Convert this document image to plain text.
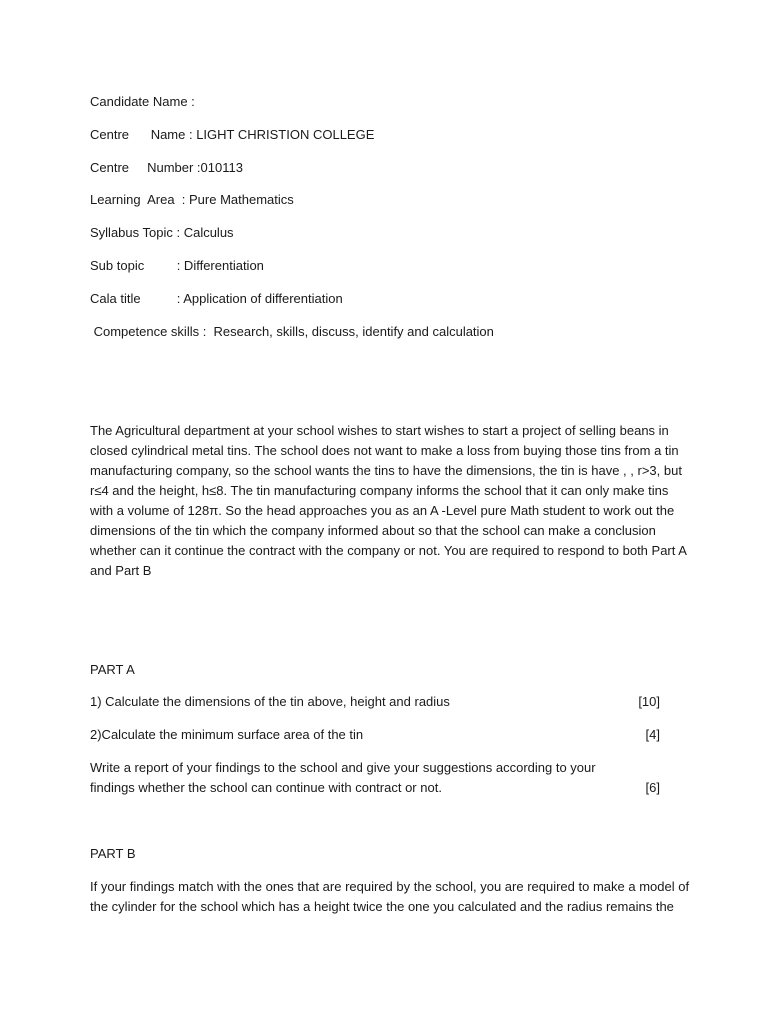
Candidate Name :
Centre      Name : LIGHT CHRISTION COLLEGE
Centre     Number :010113
Learning  Area  : Pure Mathematics
Syllabus Topic : Calculus
Sub topic         : Differentiation
Cala title          : Application of differentiation
Competence skills :  Research, skills, discuss, identify and calculation
The Agricultural department at your school wishes to start wishes to start a project of selling beans in closed cylindrical metal tins. The school does not want to make a loss from buying those tins from a tin manufacturing company, so the school wants the tins to have the dimensions, the tin is have , , r>3, but r≤4 and the height, h≤8. The tin manufacturing company informs the school that it can only make tins with a volume of 128π. So the head approaches you as an A -Level pure Math student to work out the dimensions of the tin which the company informed about so that the school can make a conclusion whether can it continue the contract with the company or not. You are required to respond to both Part A and Part B
PART A
1) Calculate the dimensions of the tin above, height and radius	[10]
2)Calculate the minimum surface area of the tin	[4]
Write a report of your findings to the school and give your suggestions according to your findings whether the school can continue with contract or not.	[6]
PART B
If your findings match with the ones that are required by the school, you are required to make a model of the cylinder for the school which has a height twice the one you calculated and the radius remains the
